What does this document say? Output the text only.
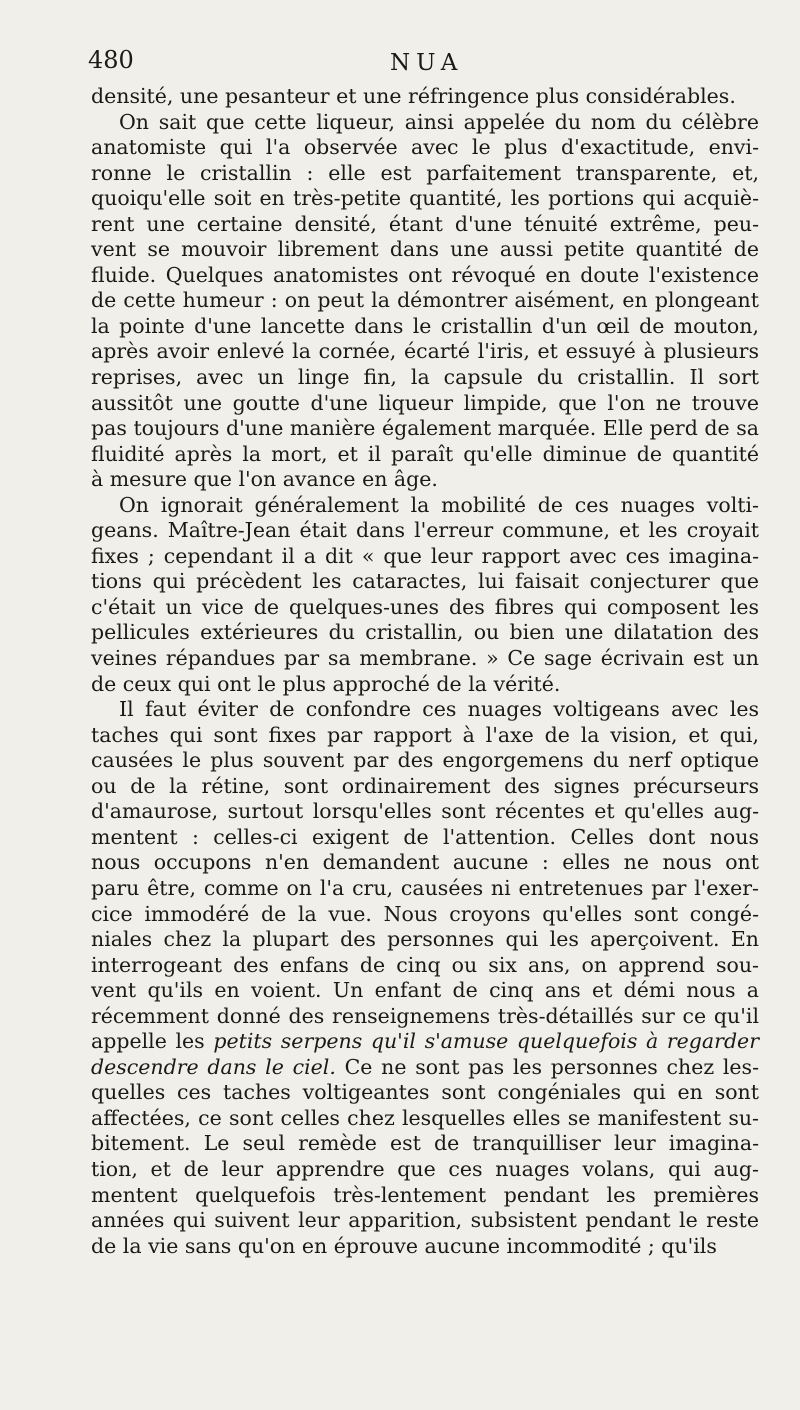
480	NUA
densité, une pesanteur et une réfringence plus considérables.
On sait que cette liqueur, ainsi appelée du nom du célèbre
anatomiste qui l'a observée avec le plus d'exactitude, envi-
ronne le cristallin : elle est parfaitement transparente, et,
quoiqu'elle soit en très-petite quantité, les portions qui acquiè-
rent une certaine densité, étant d'une ténuité extrême, peu-
vent se mouvoir librement dans une aussi petite quantité de
fluide. Quelques anatomistes ont révoqué en doute l'existence
de cette humeur : on peut la démontrer aisément, en plongeant
la pointe d'une lancette dans le cristallin d'un œil de mouton,
après avoir enlevé la cornée, écarté l'iris, et essuyé à plusieurs
reprises, avec un linge fin, la capsule du cristallin. Il sort
aussitôt une goutte d'une liqueur limpide, que l'on ne trouve
pas toujours d'une manière également marquée. Elle perd de sa
fluidité après la mort, et il paraît qu'elle diminue de quantité
à mesure que l'on avance en âge.
On ignorait généralement la mobilité de ces nuages volti-
geans. Maître-Jean était dans l'erreur commune, et les croyait
fixes ; cependant il a dit « que leur rapport avec ces imagina-
tions qui précèdent les cataractes, lui faisait conjecturer que
c'était un vice de quelques-unes des fibres qui composent les
pellicules extérieures du cristallin, ou bien une dilatation des
veines répandues par sa membrane. » Ce sage écrivain est un
de ceux qui ont le plus approché de la vérité.
Il faut éviter de confondre ces nuages voltigeans avec les
taches qui sont fixes par rapport à l'axe de la vision, et qui,
causées le plus souvent par des engorgemens du nerf optique
ou de la rétine, sont ordinairement des signes précurseurs
d'amaurose, surtout lorsqu'elles sont récentes et qu'elles aug-
mentent : celles-ci exigent de l'attention. Celles dont nous
nous occupons n'en demandent aucune : elles ne nous ont
paru être, comme on l'a cru, causées ni entretenues par l'exer-
cice immodéré de la vue. Nous croyons qu'elles sont congé-
niales chez la plupart des personnes qui les aperçoivent. En
interrogeant des enfans de cinq ou six ans, on apprend sou-
vent qu'ils en voient. Un enfant de cinq ans et démi nous a
récemment donné des renseignemens très-détaillés sur ce qu'il
appelle les petits serpens qu'il s'amuse quelquefois à regarder
descendre dans le ciel. Ce ne sont pas les personnes chez les-
quelles ces taches voltigeantes sont congéniales qui en sont
affectées, ce sont celles chez lesquelles elles se manifestent su-
bitement. Le seul remède est de tranquilliser leur imagina-
tion, et de leur apprendre que ces nuages volans, qui aug-
mentent quelquefois très-lentement pendant les premières
années qui suivent leur apparition, subsistent pendant le reste
de la vie sans qu'on en éprouve aucune incommodité ; qu'ils
